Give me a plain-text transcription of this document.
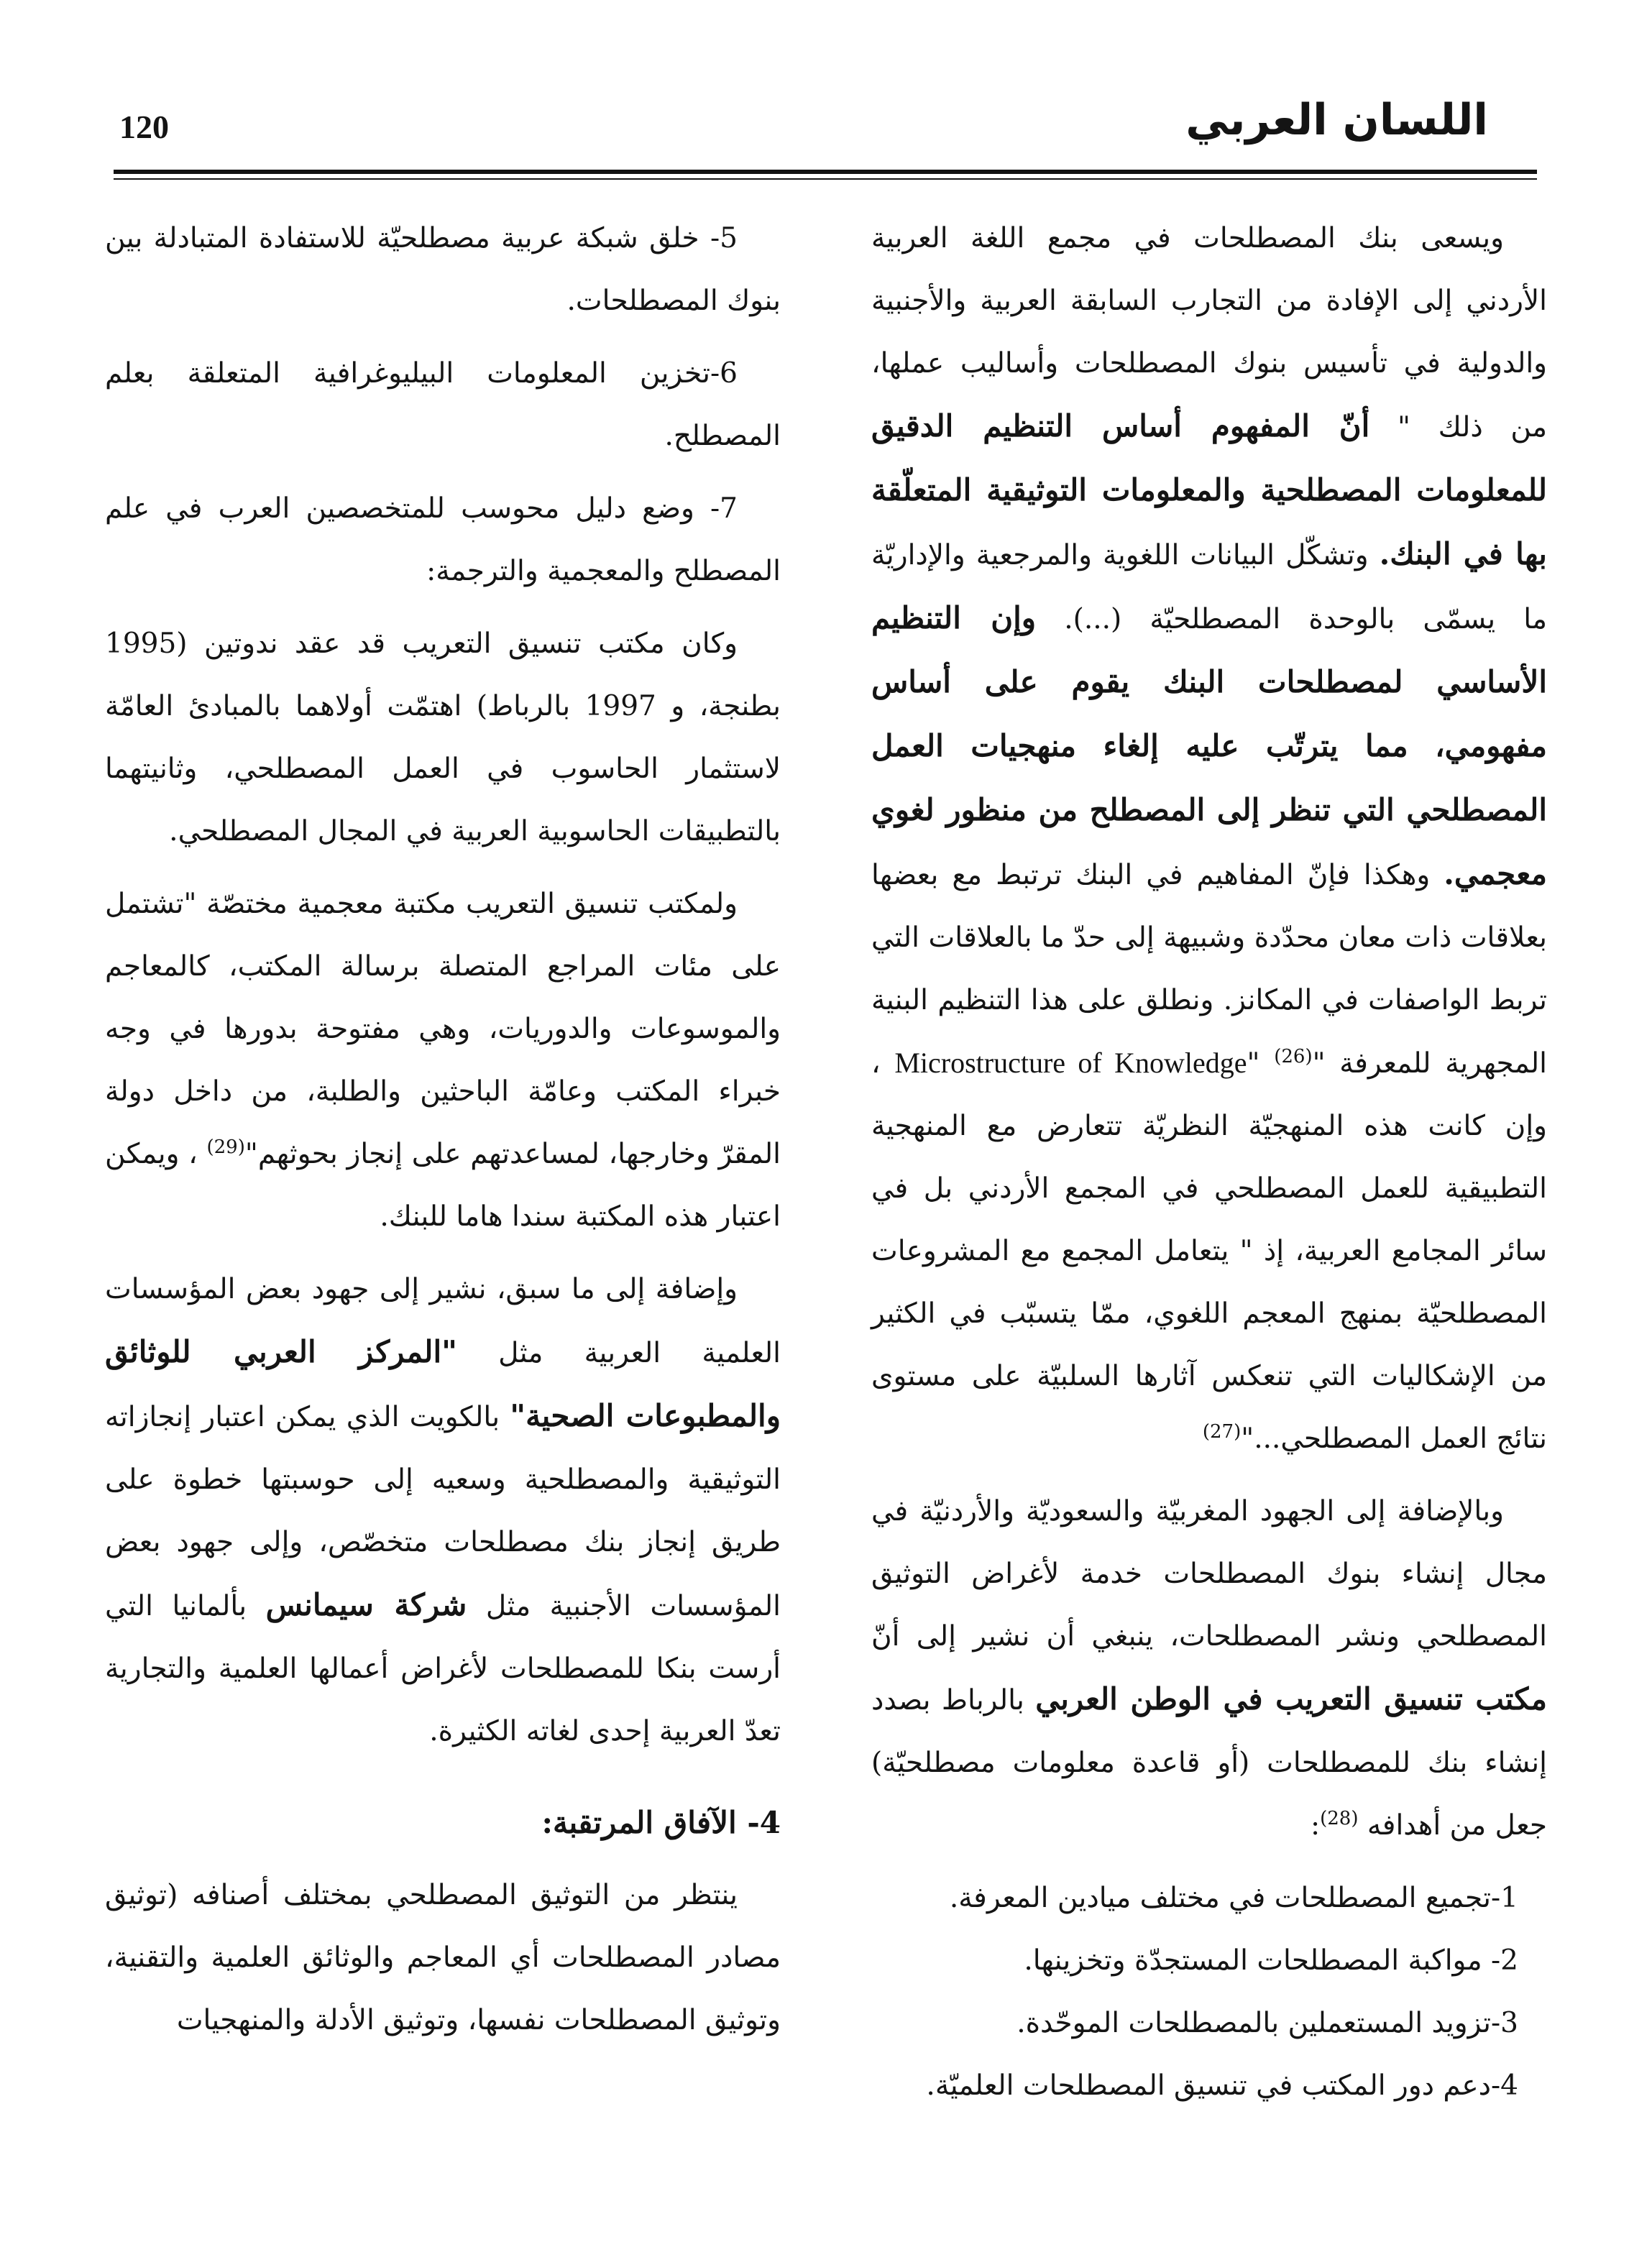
120	اللسان العربي

ويسعى بنك المصطلحات في مجمع اللغة العربية الأردني إلى الإفادة من التجارب السابقة العربية والأجنبية والدولية في تأسيس بنوك المصطلحات وأساليب عملها، من ذلك " أنّ المفهوم أساس التنظيم الدقيق للمعلومات المصطلحية والمعلومات التوثيقية المتعلّقة بها في البنك. وتشكّل البيانات اللغوية والمرجعية والإداريّة ما يسمّى بالوحدة المصطلحيّة (...). وإن التنظيم الأساسي لمصطلحات البنك يقوم على أساس مفهومي، مما يترتّب عليه إلغاء منهجيات العمل المصطلحي التي تنظر إلى المصطلح من منظور لغوي معجمي. وهكذا فإنّ المفاهيم في البنك ترتبط مع بعضها بعلاقات ذات معان محدّدة وشبيهة إلى حدّ ما بالعلاقات التي تربط الواصفات في المكانز. ونطلق على هذا التنظيم البنية المجهرية للمعرفة "Microstructure of Knowledge" $^{(26)}$ ، وإن كانت هذه المنهجيّة النظريّة تتعارض مع المنهجية التطبيقية للعمل المصطلحي في المجمع الأردني بل في سائر المجامع العربية، إذ " يتعامل المجمع مع المشروعات المصطلحيّة بمنهج المعجم اللغوي، ممّا يتسبّب في الكثير من الإشكاليات التي تنعكس آثارها السلبيّة على مستوى نتائج العمل المصطلحي..."$^{(27)}$

وبالإضافة إلى الجهود المغربيّة والسعوديّة والأردنيّة في مجال إنشاء بنوك المصطلحات خدمة لأغراض التوثيق المصطلحي ونشر المصطلحات، ينبغي أن نشير إلى أنّ مكتب تنسيق التعريب في الوطن العربي بالرباط بصدد إنشاء بنك للمصطلحات (أو قاعدة معلومات مصطلحيّة) جعل من أهدافه $^{(28)}$:

1-تجميع المصطلحات في مختلف ميادين المعرفة.
2- مواكبة المصطلحات المستجدّة وتخزينها.
3-تزويد المستعملين بالمصطلحات الموحّدة.
4-دعم دور المكتب في تنسيق المصطلحات العلميّة.

5- خلق شبكة عربية مصطلحيّة للاستفادة المتبادلة بين بنوك المصطلحات.

6-تخزين المعلومات البيليوغرافية المتعلقة بعلم المصطلح.

7- وضع دليل محوسب للمتخصصين العرب في علم المصطلح والمعجمية والترجمة:

وكان مكتب تنسيق التعريب قد عقد ندوتين (1995 بطنجة، و 1997 بالرباط) اهتمّت أولاهما بالمبادئ العامّة لاستثمار الحاسوب في العمل المصطلحي، وثانيتهما بالتطبيقات الحاسوبية العربية في المجال المصطلحي.

ولمكتب تنسيق التعريب مكتبة معجمية مختصّة "تشتمل على مئات المراجع المتصلة برسالة المكتب، كالمعاجم والموسوعات والدوريات، وهي مفتوحة بدورها في وجه خبراء المكتب وعامّة الباحثين والطلبة، من داخل دولة المقرّ وخارجها، لمساعدتهم على إنجاز بحوثهم"$^{(29)}$ ، ويمكن اعتبار هذه المكتبة سندا هاما للبنك.

وإضافة إلى ما سبق، نشير إلى جهود بعض المؤسسات العلمية العربية مثل "المركز العربي للوثائق والمطبوعات الصحية" بالكويت الذي يمكن اعتبار إنجازاته التوثيقية والمصطلحية وسعيه إلى حوسبتها خطوة على طريق إنجاز بنك مصطلحات متخصّص، وإلى جهود بعض المؤسسات الأجنبية مثل شركة سيمانس بألمانيا التي أرست بنكا للمصطلحات لأغراض أعمالها العلمية والتجارية تعدّ العربية إحدى لغاته الكثيرة.

4- الآفاق المرتقبة:

ينتظر من التوثيق المصطلحي بمختلف أصنافه (توثيق مصادر المصطلحات أي المعاجم والوثائق العلمية والتقنية، وتوثيق المصطلحات نفسها، وتوثيق الأدلة والمنهجيات
